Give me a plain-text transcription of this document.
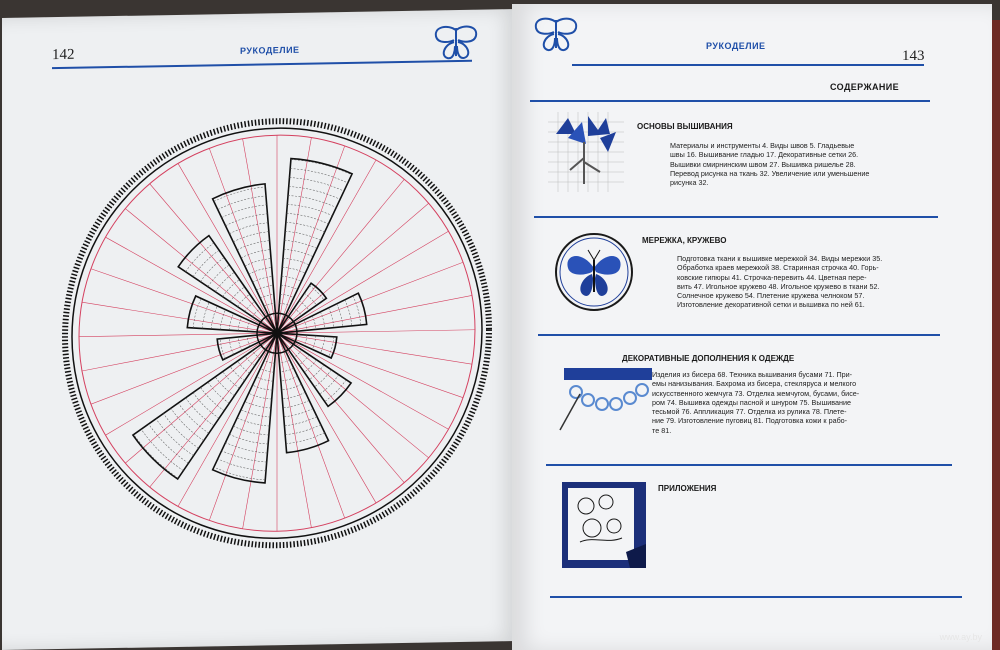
142	РУКОДЕЛИЕ	РУКОДЕЛИЕ
143
СОДЕРЖАНИЕ
ОСНОВЫ ВЫШИВАНИЯ
Материалы и инструменты 4. Виды швов 5. Гладьевые
швы 16. Вышивание гладью 17. Декоративные сетки 26.
Вышивки смирнинским швом 27. Вышивка ришелье 28.
Перевод рисунка на ткань 32. Увеличение или уменьшение
рисунка 32.
МЕРЕЖКА, КРУЖЕВО
Подготовка ткани к вышивке мережкой 34. Виды мережки 35.
Обработка краев мережкой 38. Старинная строчка 40. Горь-
ковские гипюры 41. Строчка-перевить 44. Цветная пере-
вить 47. Игольное кружево 48. Игольное кружево в ткани 52.
Солнечное кружево 54. Плетение кружева челноком 57.
Изготовление декоративной сетки и вышивка по ней 61.
ДЕКОРАТИВНЫЕ ДОПОЛНЕНИЯ К ОДЕЖДЕ
Изделия из бисера 68. Техника вышивания бусами 71. При-
емы нанизывания. Бахрома из бисера, стекляруса и мелкого
искусственного жемчуга 73. Отделка жемчугом, бусами, бисе-
ром 74. Вышивка одежды пасной и шнуром 75. Вышивание
тесьмой 76. Аппликация 77. Отделка из рулика 78. Плете-
ние 79. Изготовление пуговиц 81. Подготовка кожи к рабо-
те 81.
ПРИЛОЖЕНИЯ
www.ay.by
